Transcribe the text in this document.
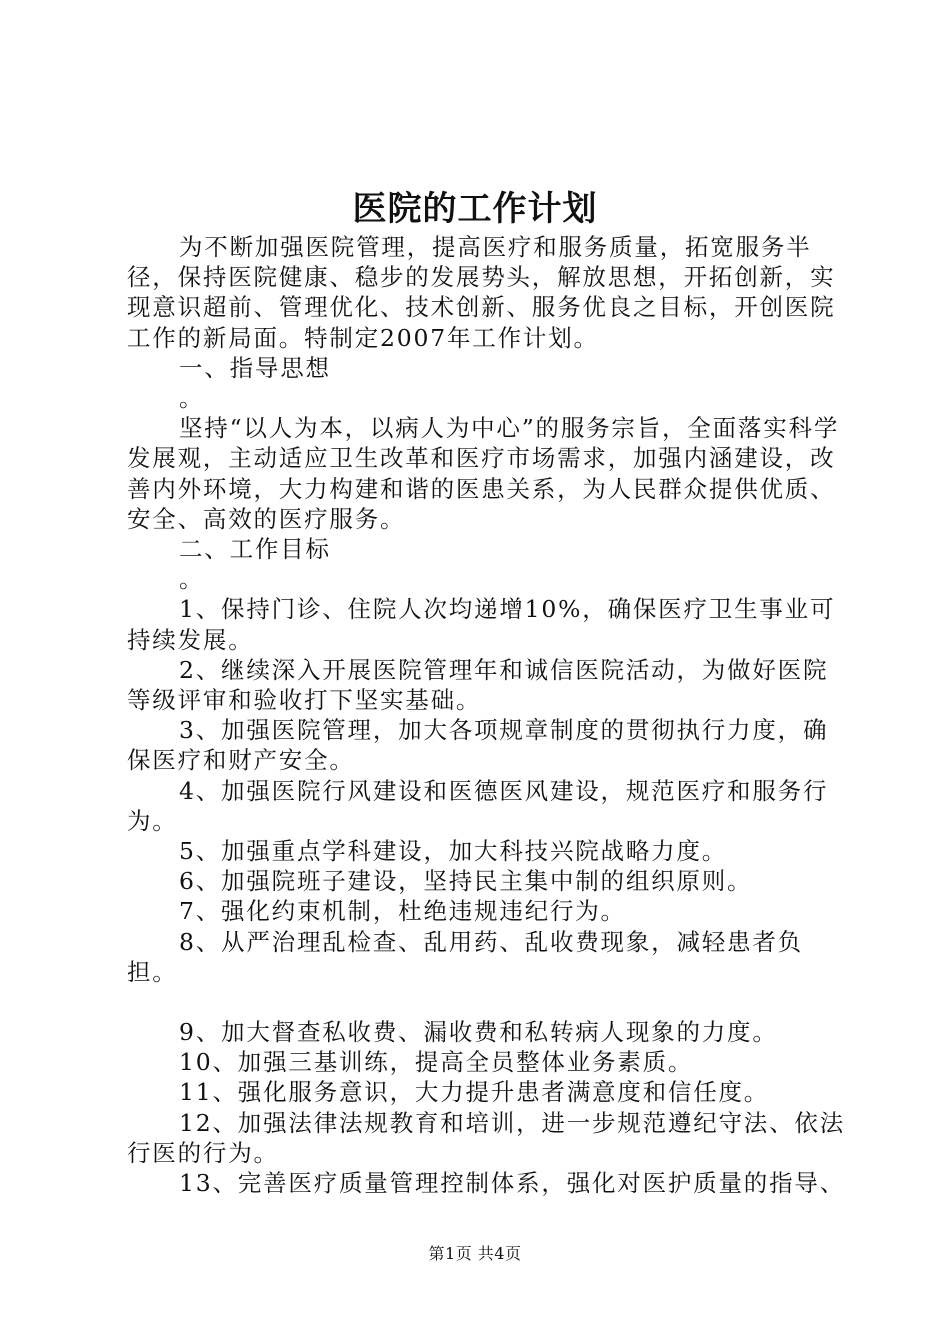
医院的工作计划

为不断加强医院管理，提高医疗和服务质量，拓宽服务半径，保持医院健康、稳步的发展势头，解放思想，开拓创新，实现意识超前、管理优化、技术创新、服务优良之目标，开创医院工作的新局面。特制定2007年工作计划。

一、指导思想

。

坚持“以人为本，以病人为中心”的服务宗旨，全面落实科学发展观，主动适应卫生改革和医疗市场需求，加强内涵建设，改善内外环境，大力构建和谐的医患关系，为人民群众提供优质、安全、高效的医疗服务。

二、工作目标

。

1、保持门诊、住院人次均递增10%，确保医疗卫生事业可持续发展。

2、继续深入开展医院管理年和诚信医院活动，为做好医院等级评审和验收打下坚实基础。

3、加强医院管理，加大各项规章制度的贯彻执行力度，确保医疗和财产安全。

4、加强医院行风建设和医德医风建设，规范医疗和服务行为。

5、加强重点学科建设，加大科技兴院战略力度。

6、加强院班子建设，坚持民主集中制的组织原则。

7、强化约束机制，杜绝违规违纪行为。

8、从严治理乱检查、乱用药、乱收费现象，减轻患者负担。

9、加大督查私收费、漏收费和私转病人现象的力度。

10、加强三基训练，提高全员整体业务素质。

11、强化服务意识，大力提升患者满意度和信任度。

12、加强法律法规教育和培训，进一步规范遵纪守法、依法行医的行为。

13、完善医疗质量管理控制体系，强化对医护质量的指导、

第1页 共4页
